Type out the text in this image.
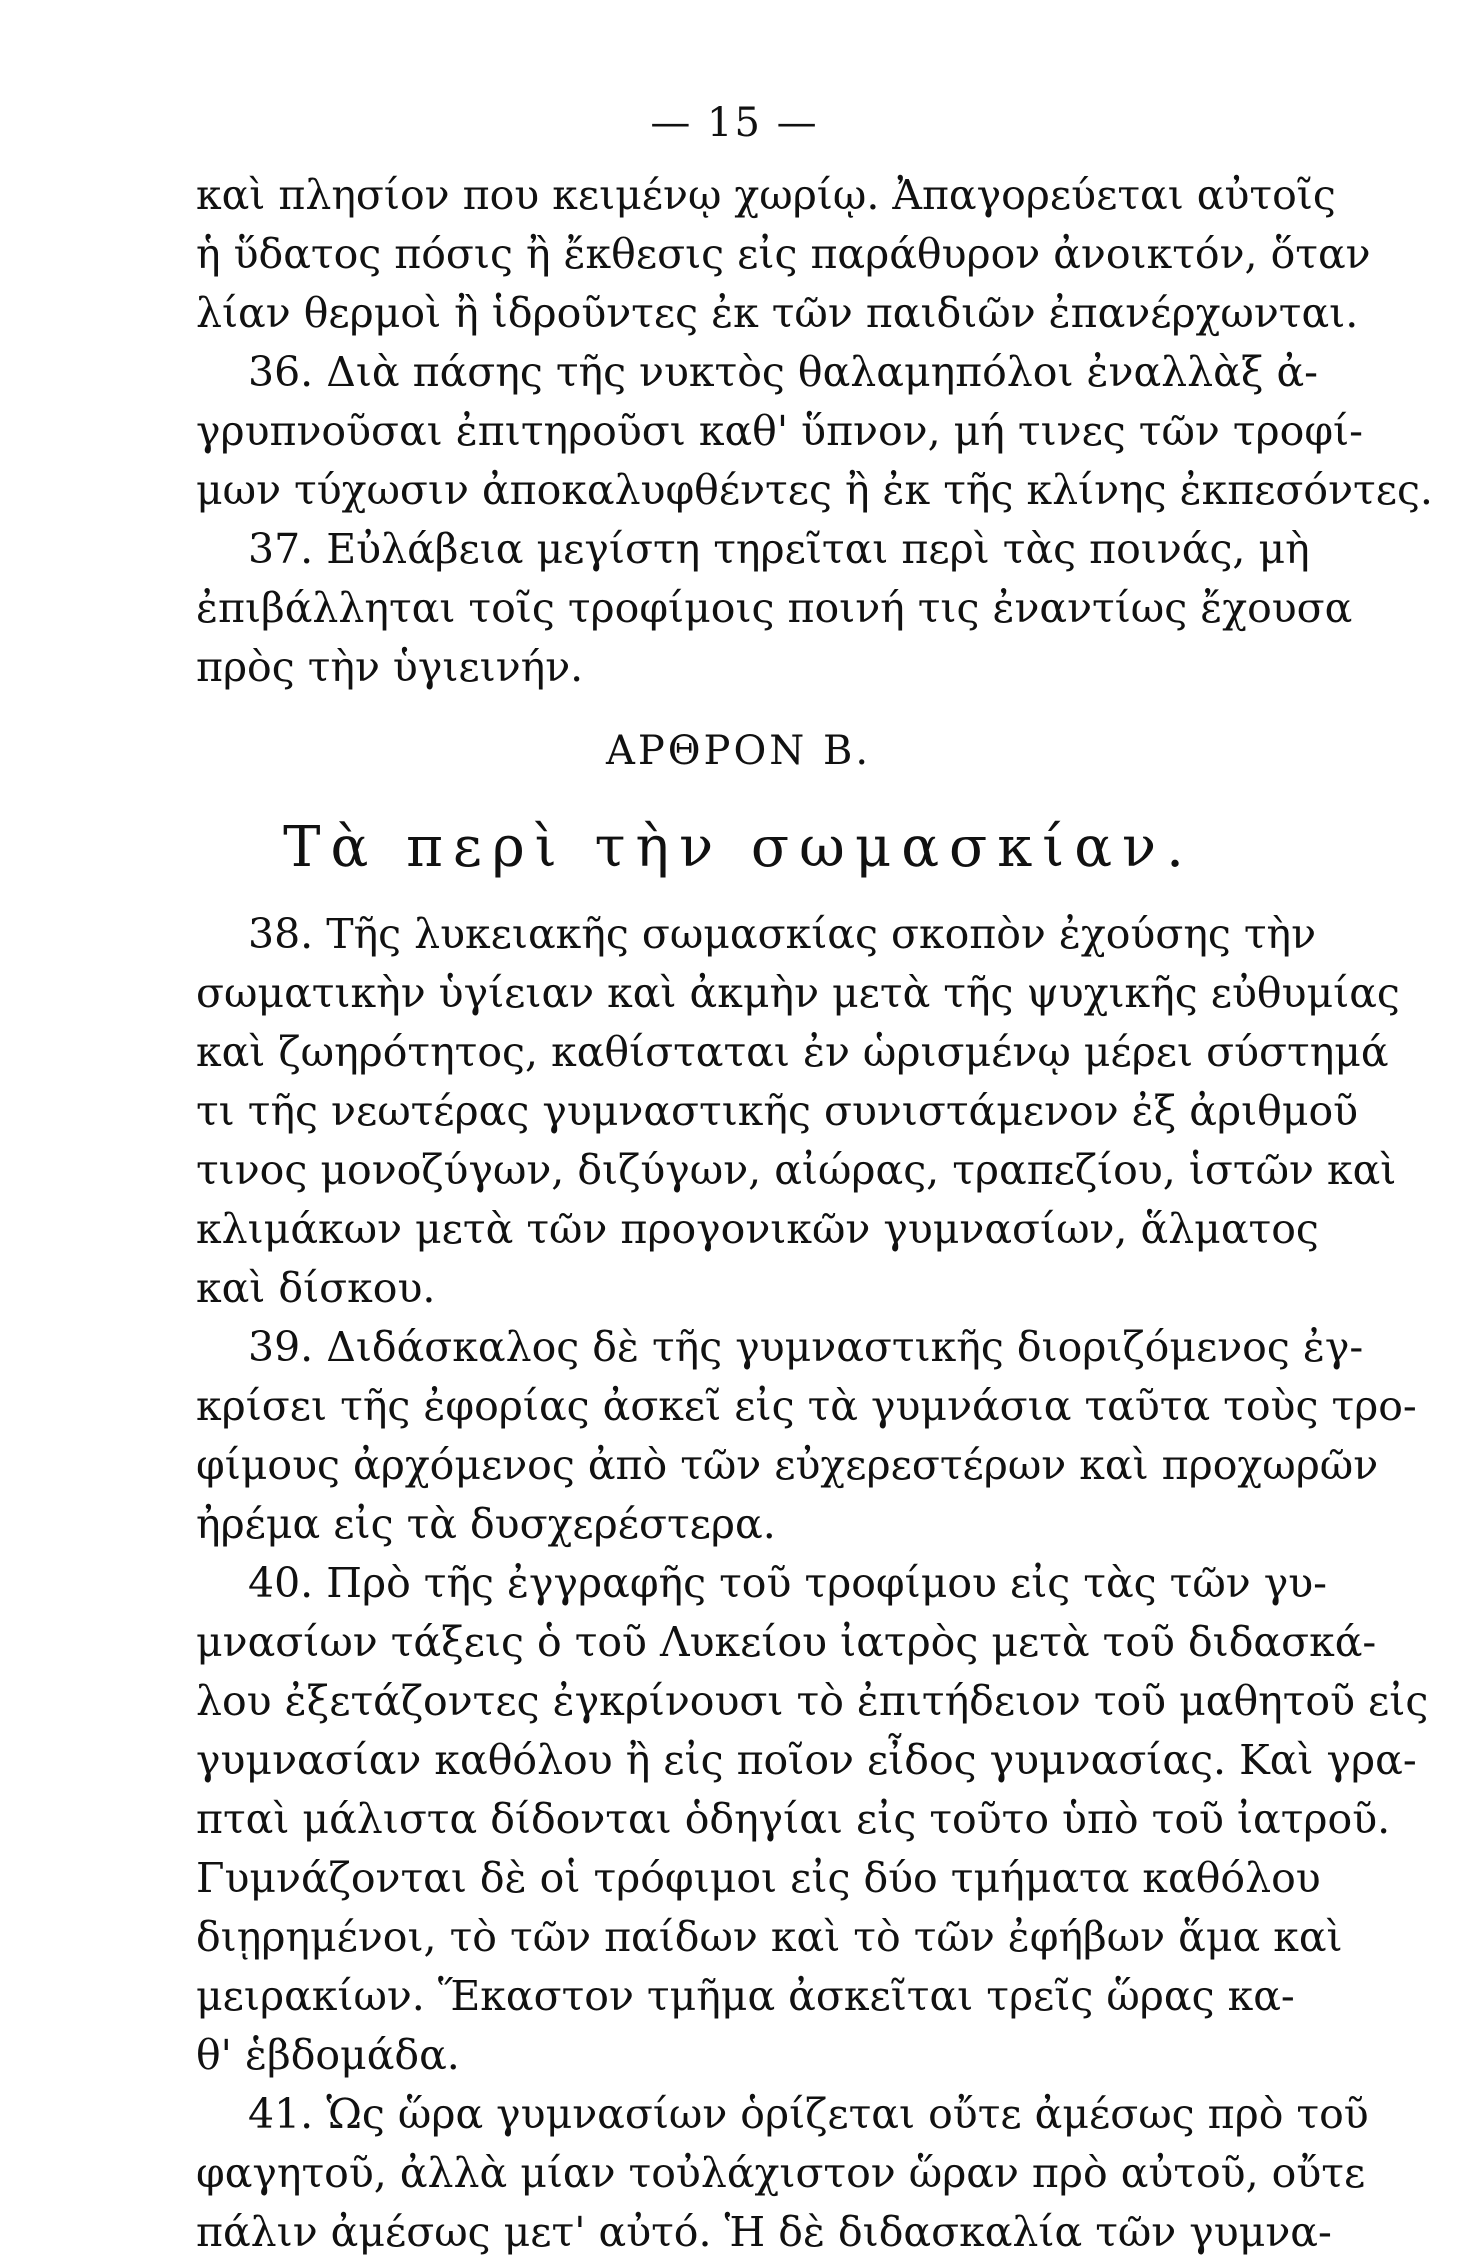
— 15 —
καὶ πλησίον που κειμένῳ χωρίῳ. Ἀπαγορεύεται αὐτοῖς
ἡ ὕδατος πόσις ἢ ἔκθεσις εἰς παράθυρον ἀνοικτόν, ὅταν
λίαν θερμοὶ ἢ ἱδροῦντες ἐκ τῶν παιδιῶν ἐπανέρχωνται.
36. Διὰ πάσης τῆς νυκτὸς θαλαμηπόλοι ἐναλλὰξ ἀ-
γρυπνοῦσαι ἐπιτηροῦσι καθ' ὕπνον, μή τινες τῶν τροφί-
μων τύχωσιν ἀποκαλυφθέντες ἢ ἐκ τῆς κλίνης ἐκπεσόντες.
37. Εὐλάβεια μεγίστη τηρεῖται περὶ τὰς ποινάς, μὴ
ἐπιβάλληται τοῖς τροφίμοις ποινή τις ἐναντίως ἔχουσα
πρὸς τὴν ὑγιεινήν.
ΑΡΘΡΟΝ Β.
Τὰ περὶ τὴν σωμασκίαν.
38. Τῆς λυκειακῆς σωμασκίας σκοπὸν ἐχούσης τὴν
σωματικὴν ὑγίειαν καὶ ἀκμὴν μετὰ τῆς ψυχικῆς εὐθυμίας
καὶ ζωηρότητος, καθίσταται ἐν ὡρισμένῳ μέρει σύστημά
τι τῆς νεωτέρας γυμναστικῆς συνιστάμενον ἐξ ἀριθμοῦ
τινος μονοζύγων, διζύγων, αἰώρας, τραπεζίου, ἱστῶν καὶ
κλιμάκων μετὰ τῶν προγονικῶν γυμνασίων, ἅλματος
καὶ δίσκου.
39. Διδάσκαλος δὲ τῆς γυμναστικῆς διοριζόμενος ἐγ-
κρίσει τῆς ἐφορίας ἀσκεῖ εἰς τὰ γυμνάσια ταῦτα τοὺς τρο-
φίμους ἀρχόμενος ἀπὸ τῶν εὐχερεστέρων καὶ προχωρῶν
ἠρέμα εἰς τὰ δυσχερέστερα.
40. Πρὸ τῆς ἐγγραφῆς τοῦ τροφίμου εἰς τὰς τῶν γυ-
μνασίων τάξεις ὁ τοῦ Λυκείου ἰατρὸς μετὰ τοῦ διδασκά-
λου ἐξετάζοντες ἐγκρίνουσι τὸ ἐπιτήδειον τοῦ μαθητοῦ εἰς
γυμνασίαν καθόλου ἢ εἰς ποῖον εἶδος γυμνασίας. Καὶ γρα-
πταὶ μάλιστα δίδονται ὁδηγίαι εἰς τοῦτο ὑπὸ τοῦ ἰατροῦ.
Γυμνάζονται δὲ οἱ τρόφιμοι εἰς δύο τμήματα καθόλου
διῃρημένοι, τὸ τῶν παίδων καὶ τὸ τῶν ἐφήβων ἅμα καὶ
μειρακίων. Ἕκαστον τμῆμα ἀσκεῖται τρεῖς ὥρας κα-
θ' ἑβδομάδα.
41. Ὡς ὥρα γυμνασίων ὁρίζεται οὔτε ἀμέσως πρὸ τοῦ
φαγητοῦ, ἀλλὰ μίαν τοὐλάχιστον ὥραν πρὸ αὐτοῦ, οὔτε
πάλιν ἀμέσως μετ' αὐτό. Ἡ δὲ διδασκαλία τῶν γυμνα-
